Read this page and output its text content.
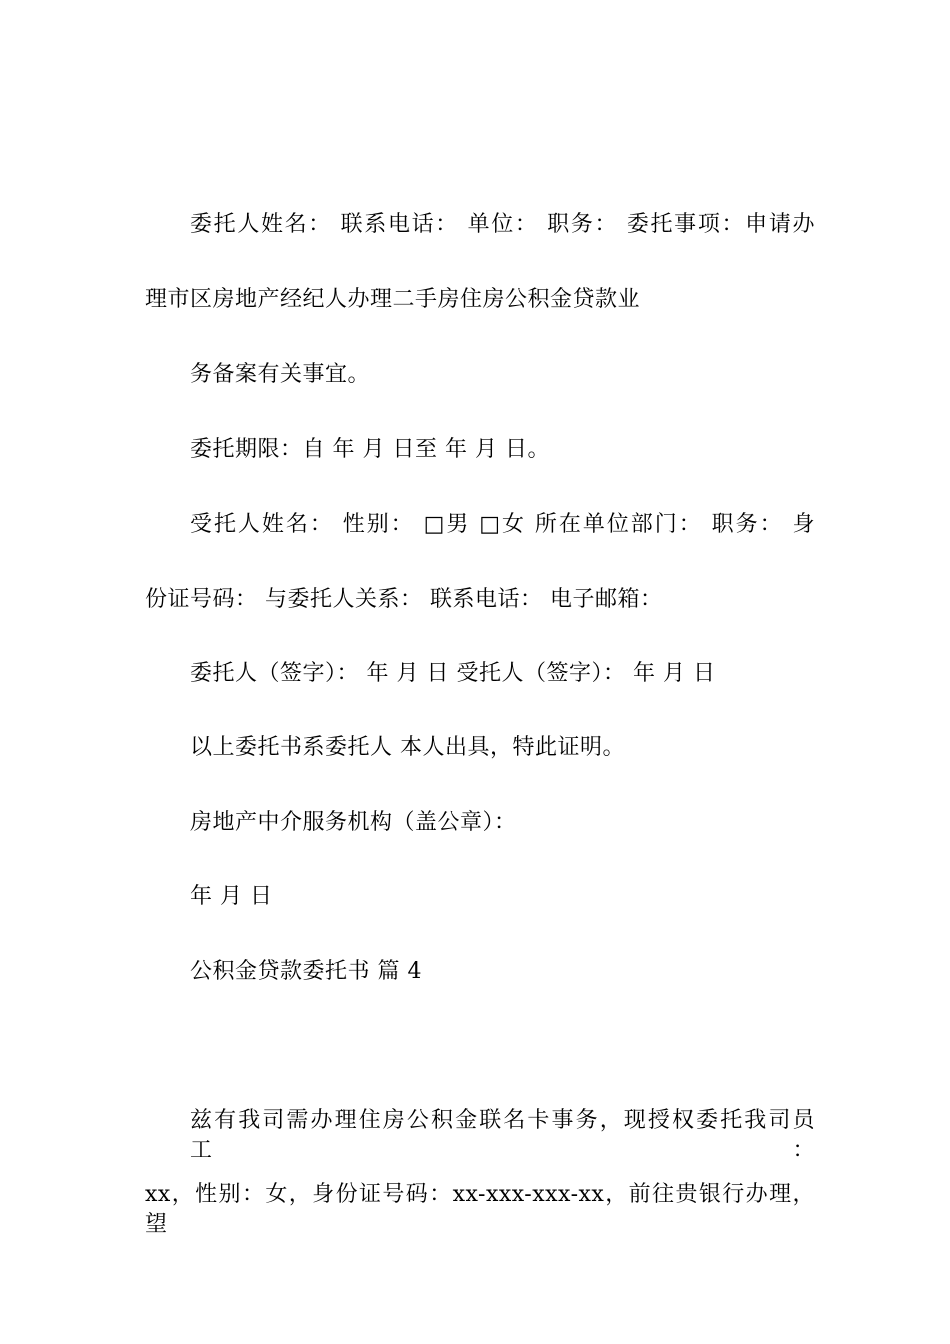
委托人姓名： 联系电话： 单位： 职务： 委托事项：申请办
理市区房地产经纪人办理二手房住房公积金贷款业
务备案有关事宜。
委托期限：自 年 月 日至 年 月 日。
受托人姓名： 性别： □男 □女 所在单位部门： 职务： 身
份证号码： 与委托人关系： 联系电话： 电子邮箱：
委托人（签字）： 年 月 日 受托人（签字）： 年 月 日
以上委托书系委托人 本人出具，特此证明。
房地产中介服务机构（盖公章）：
年 月 日
公积金贷款委托书 篇 4
兹有我司需办理住房公积金联名卡事务，现授权委托我司员工：
xx，性别：女，身份证号码：xx-xxx-xxx-xx，前往贵银行办理，望
